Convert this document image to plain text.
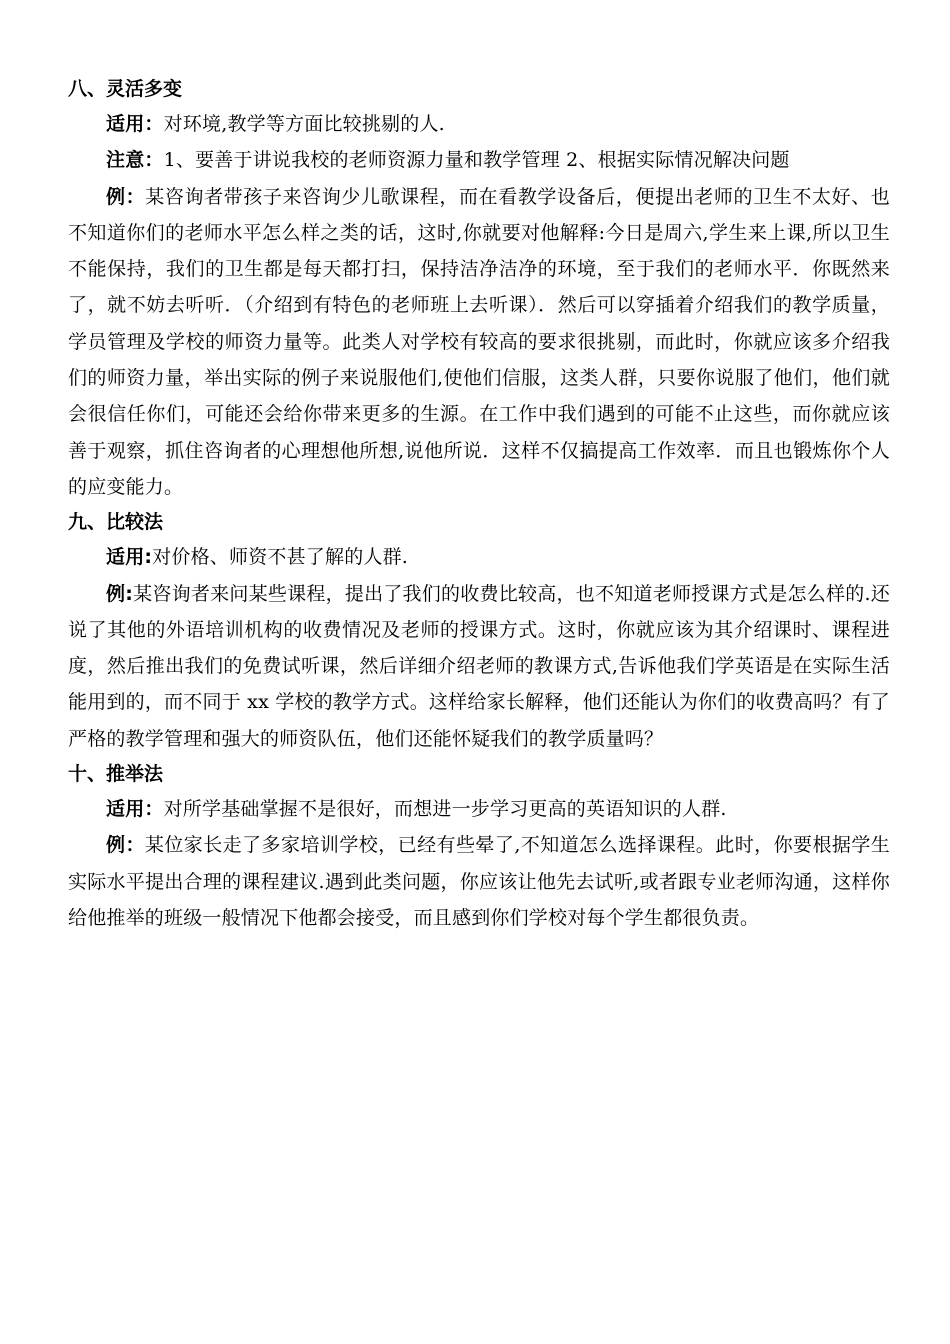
八、灵活多变

适用：对环境,教学等方面比较挑剔的人.

注意：1、要善于讲说我校的老师资源力量和教学管理 2、根据实际情况解决问题

例：某咨询者带孩子来咨询少儿歌课程，而在看教学设备后，便提出老师的卫生不太好、也不知道你们的老师水平怎么样之类的话，这时,你就要对他解释:今日是周六,学生来上课,所以卫生不能保持，我们的卫生都是每天都打扫，保持洁净洁净的环境，至于我们的老师水平．你既然来了，就不妨去听听．（介绍到有特色的老师班上去听课）．然后可以穿插着介绍我们的教学质量，学员管理及学校的师资力量等。此类人对学校有较高的要求很挑剔，而此时，你就应该多介绍我们的师资力量，举出实际的例子来说服他们,使他们信服，这类人群，只要你说服了他们，他们就会很信任你们，可能还会给你带来更多的生源。在工作中我们遇到的可能不止这些，而你就应该善于观察，抓住咨询者的心理想他所想,说他所说．这样不仅搞提高工作效率．而且也锻炼你个人的应变能力。

九、比较法

适用:对价格、师资不甚了解的人群.

例:某咨询者来问某些课程，提出了我们的收费比较高，也不知道老师授课方式是怎么样的.还说了其他的外语培训机构的收费情况及老师的授课方式。这时，你就应该为其介绍课时、课程进度，然后推出我们的免费试听课，然后详细介绍老师的教课方式,告诉他我们学英语是在实际生活能用到的，而不同于 xx 学校的教学方式。这样给家长解释，他们还能认为你们的收费高吗？有了严格的教学管理和强大的师资队伍，他们还能怀疑我们的教学质量吗？

十、推举法

适用：对所学基础掌握不是很好，而想进一步学习更高的英语知识的人群.

例：某位家长走了多家培训学校，已经有些晕了,不知道怎么选择课程。此时，你要根据学生实际水平提出合理的课程建议.遇到此类问题，你应该让他先去试听,或者跟专业老师沟通，这样你给他推举的班级一般情况下他都会接受，而且感到你们学校对每个学生都很负责。
